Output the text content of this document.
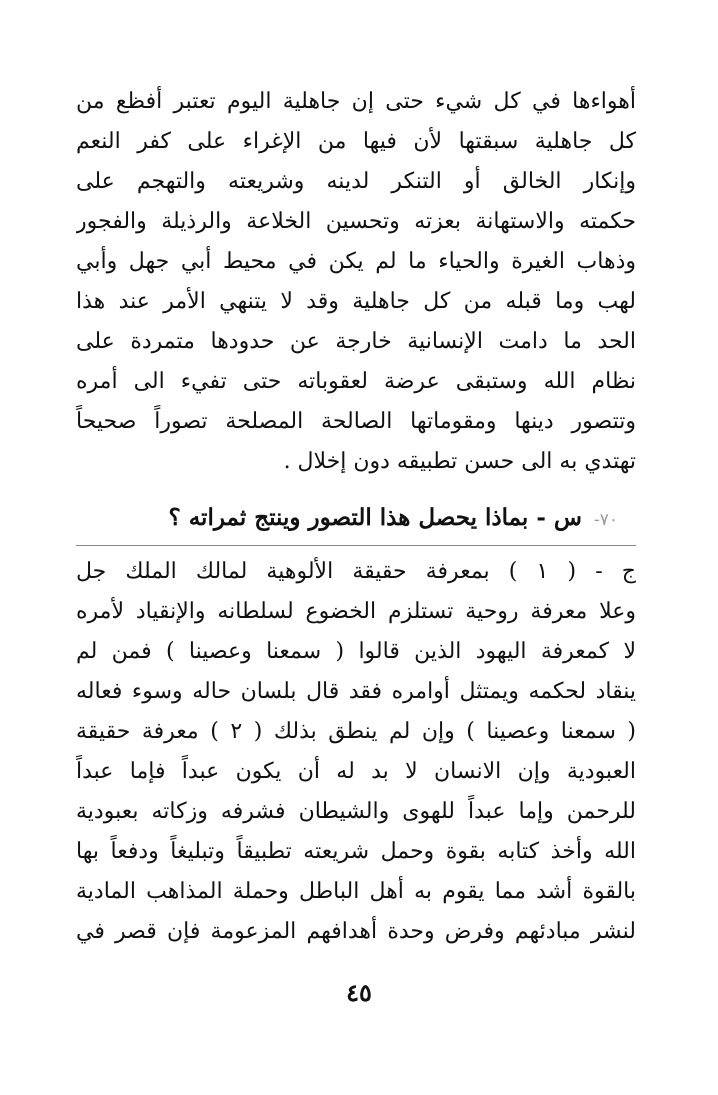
أهواءها في كل شيء حتى إن جاهلية اليوم تعتبر أفظع من
كل جاهلية سبقتها لأن فيها من الإغراء على كفر النعم
وإنكار الخالق أو التنكر لدينه وشريعته والتهجم على
حكمته والاستهانة بعزته وتحسين الخلاعة والرذيلة والفجور
وذهاب الغيرة والحياء ما لم يكن في محيط أبي جهل وأبي
لهب وما قبله من كل جاهلية وقد لا يتنهي الأمر عند هذا
الحد ما دامت الإنسانية خارجة عن حدودها متمردة على
نظام الله وستبقى عرضة لعقوباته حتى تفيء الى أمره
وتتصور دينها ومقوماتها الصالحة المصلحة تصوراً صحيحاً
تهتدي به الى حسن تطبيقه دون إخلال .
٧٠- س - بماذا يحصل هذا التصور وينتج ثمراته ؟
ج - ( ١ ) بمعرفة حقيقة الألوهية لمالك الملك جل
وعلا معرفة روحية تستلزم الخضوع لسلطانه والإنقياد لأمره
لا كمعرفة اليهود الذين قالوا ( سمعنا وعصينا ) فمن لم
ينقاد لحكمه ويمتثل أوامره فقد قال بلسان حاله وسوء فعاله
( سمعنا وعصينا ) وإن لم ينطق بذلك ( ٢ ) معرفة حقيقة
العبودية وإن الانسان لا بد له أن يكون عبداً فإما عبداً
للرحمن وإما عبداً للهوى والشيطان فشرفه وزكاته بعبودية
الله وأخذ كتابه بقوة وحمل شريعته تطبيقاً وتبليغاً ودفعاً بها
بالقوة أشد مما يقوم به أهل الباطل وحملة المذاهب المادية
لنشر مبادئهم وفرض وحدة أهدافهم المزعومة فإن قصر في
٤٥
